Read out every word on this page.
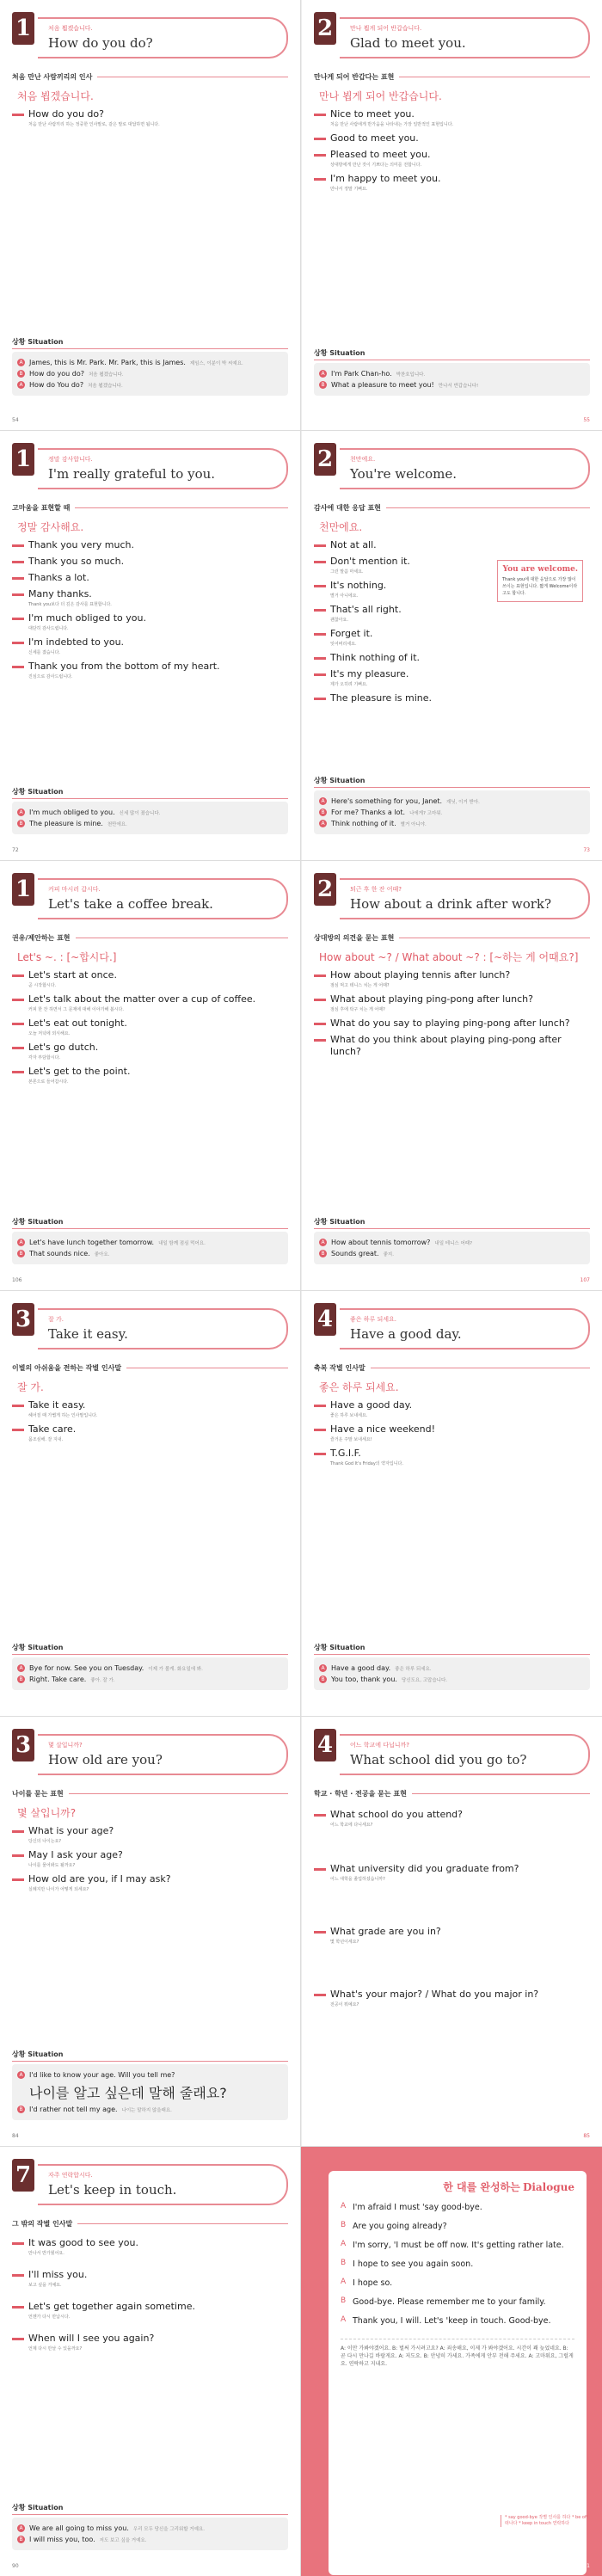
1	처음 뵙겠습니다.
How do you do?
처음 만난 사람끼리의 인사
처음 뵙겠습니다.
How do you do?
처음 만난 사람끼리 하는 정중한 인사말로, 같은 말로 대답하면 됩니다.
상황 Situation
A James, this is Mr. Park. Mr. Park, this is James. 제임스, 이분이 박 씨예요.
B How do you do? 처음 뵙겠습니다.
A How do You do? 처음 뵙겠습니다.
54
2	만나 뵙게 되어 반갑습니다.
Glad to meet you.
만나게 되어 반갑다는 표현
만나 뵙게 되어 반갑습니다.
Nice to meet you.
처음 만난 사람에게 반가움을 나타내는 가장 일반적인 표현입니다.
Good to meet you.
Pleased to meet you.
상대방에게 만난 것이 기쁘다는 의미를 전합니다.
I'm happy to meet you.
만나서 정말 기뻐요.
상황 Situation
A I'm Park Chan-ho. 박찬호입니다.
B What a pleasure to meet you! 만나서 반갑습니다!
55
1	정말 감사합니다.
I'm really grateful to you.
고마움을 표현할 때
정말 감사해요.
Thank you very much.
Thank you so much.
Thanks a lot.
Many thanks.
Thank you보다 더 깊은 감사를 표현합니다.
I'm much obliged to you.
대단히 감사드립니다.
I'm indebted to you.
신세를 졌습니다.
Thank you from the bottom of my heart.
진심으로 감사드립니다.
상황 Situation
A I'm much obliged to you. 신세 많이 졌습니다.
B The pleasure is mine. 천만에요.
72
2	천만에요.
You're welcome.
감사에 대한 응답 표현
천만에요.
Not at all.
Don't mention it.
그런 말씀 마세요.
It's nothing.
별거 아니에요.
That's all right.
괜찮아요.
Forget it.
잊어버리세요.
Think nothing of it.
It's my pleasure.
제가 오히려 기뻐요.
The pleasure is mine.
You are welcome.
Thank you에 대한 응답으로 가장 많이 쓰이는 표현입니다. 짧게 Welcome이라고도 합니다.
상황 Situation
A Here's something for you, Janet. 재닛, 이거 받아.
B For me? Thanks a lot. 나에게? 고마워.
A Think nothing of it. 별거 아니야.
73
1	커피 마시러 갑시다.
Let's take a coffee break.
권유/제안하는 표현
Let's ~. : [~합시다.]
Let's start at once.
곧 시작합시다.
Let's talk about the matter over a cup of coffee.
커피 한 잔 하면서 그 문제에 대해 이야기해 봅시다.
Let's eat out tonight.
오늘 저녁에 외식해요.
Let's go dutch.
각자 부담합시다.
Let's get to the point.
본론으로 들어갑시다.
상황 Situation
A Let's have lunch together tomorrow. 내일 함께 점심 먹어요.
B That sounds nice. 좋아요.
106
2	퇴근 후 한 잔 어때?
How about a drink after work?
상대방의 의견을 묻는 표현
How about ~? / What about ~? : [~하는 게 어때요?]
How about playing tennis after lunch?
점심 먹고 테니스 치는 게 어때?
What about playing ping-pong after lunch?
점심 후에 탁구 치는 게 어때?
What do you say to playing ping-pong after lunch?
What do you think about playing ping-pong after lunch?
상황 Situation
A How about tennis tomorrow? 내일 테니스 어때?
B Sounds great. 좋지.
107
3	잘 가.
Take it easy.
이별의 아쉬움을 전하는 작별 인사말
잘 가.
Take it easy.
헤어질 때 가볍게 하는 인사말입니다.
Take care.
몸조심해. 잘 지내.
상황 Situation
A Bye for now. See you on Tuesday. 이제 가 볼게. 화요일에 봐.
B Right. Take care. 좋아. 잘 가.
4	좋은 하루 되세요.
Have a good day.
축복 작별 인사말
좋은 하루 되세요.
Have a good day.
좋은 하루 보내세요.
Have a nice weekend!
즐거운 주말 보내세요!
T.G.I.F.
Thank God It's Friday의 약자입니다.
상황 Situation
A Have a good day. 좋은 하루 되세요.
B You too, thank you. 당신도요, 고맙습니다.
3	몇 살입니까?
How old are you?
나이를 묻는 표현
몇 살입니까?
What is your age?
당신의 나이는요?
May I ask your age?
나이를 물어봐도 될까요?
How old are you, if I may ask?
실례지만 나이가 어떻게 되세요?
상황 Situation
A I'd like to know your age. Will you tell me?
나이를 알고 싶은데 말해 줄래요?
B I'd rather not tell my age. 나이는 말하지 않을래요.
84
4	어느 학교에 다닙니까?
What school did you go to?
학교 · 학년 · 전공을 묻는 표현
What school do you attend?
어느 학교에 다니세요?
What university did you graduate from?
어느 대학을 졸업하셨습니까?
What grade are you in?
몇 학년이세요?
What's your major? / What do you major in?
전공이 뭐예요?
85
7	자주 연락합시다.
Let's keep in touch.
그 밖의 작별 인사말
It was good to see you.
만나서 반가웠어요.
I'll miss you.
보고 싶을 거예요.
Let's get together again sometime.
언젠가 다시 만납시다.
When will I see you again?
언제 다시 만날 수 있을까요?
상황 Situation
A We are all going to miss you. 우리 모두 당신을 그리워할 거예요.
B I will miss you, too. 저도 보고 싶을 거예요.
90
한 대를 완성하는 Dialogue
A I'm afraid I must 'say good-bye.
B Are you going already?
A I'm sorry, 'I must be off now. It's getting rather late.
B I hope to see you again soon.
A I hope so.
B Good-bye. Please remember me to your family.
A Thank you, I will. Let's 'keep in touch. Good-bye.
A: 이만 가봐야겠어요. B: 벌써 가시려고요? A: 죄송해요, 이제 가 봐야겠어요. 시간이 꽤 늦었네요. B: 곧 다시 만나길 바랄게요. A: 저도요. B: 안녕히 가세요. 가족에게 안부 전해 주세요. A: 고마워요, 그럴게요. 연락하고 지내요.
* say good-bye 작별 인사를 하다 * be off 떠나다 * keep in touch 연락하다
91
